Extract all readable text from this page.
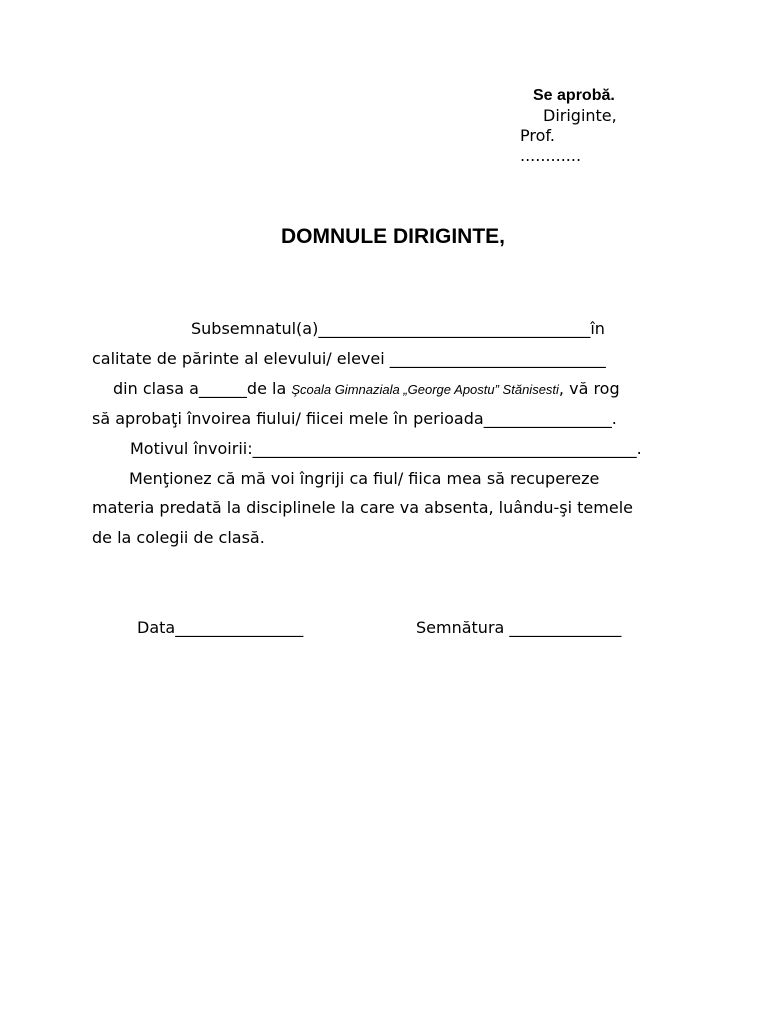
Se aprobă.
Diriginte,
Prof.
............
DOMNULE DIRIGINTE,
Subsemnatul(a)__________________________________în
calitate de părinte al elevului/ elevei ___________________________
din clasa a______de la Şcoala Gimnaziala „George Apostu” Stănisesti, vă rog
să aprobaţi învoirea fiului/ fiicei mele în perioada________________.
Motivul învoirii:________________________________________________.
Menţionez că mă voi îngriji ca fiul/ fiica mea să recupereze
materia predată la disciplinele la care va absenta, luându-şi temele
de la colegii de clasă.
Data________________	Semnătura ______________
